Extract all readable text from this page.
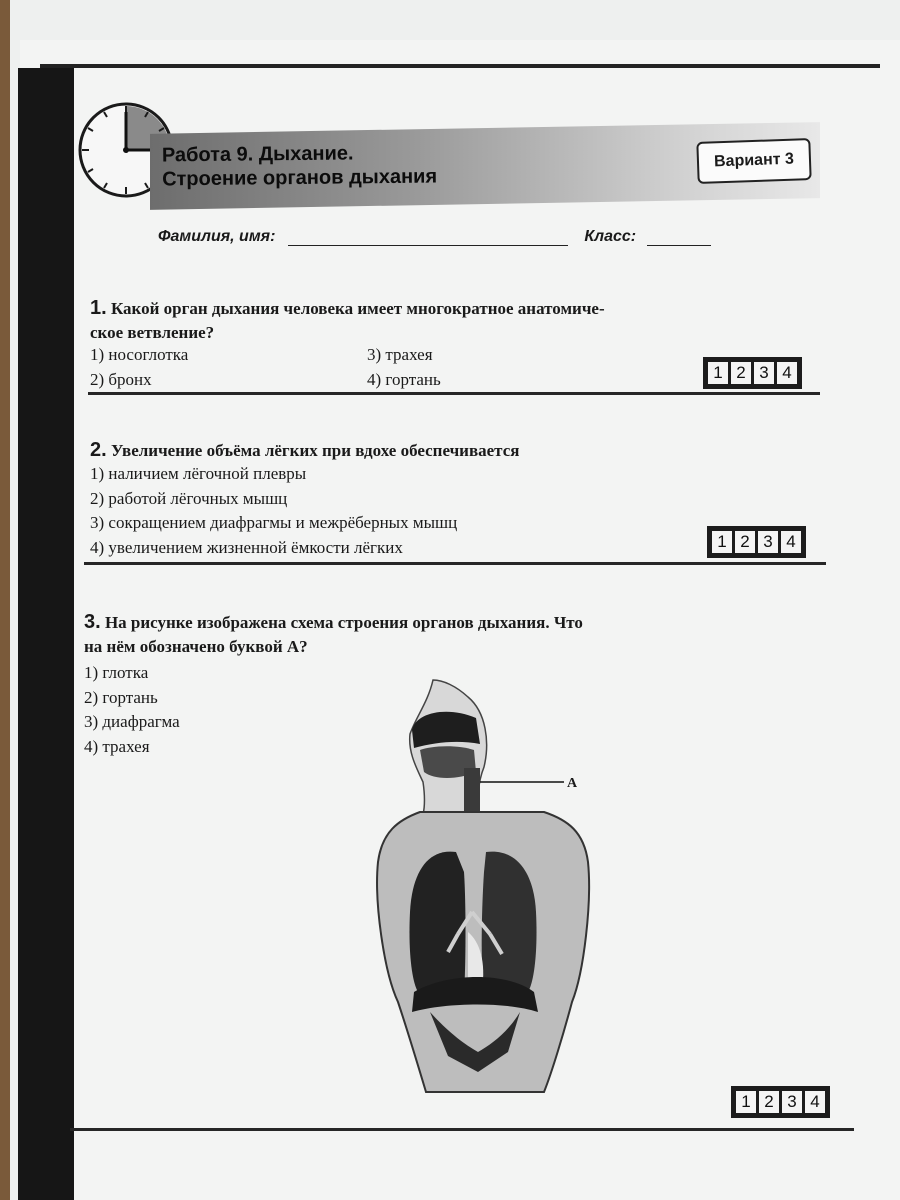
Работа 9. Дыхание.
Строение органов дыхания
Вариант 3
Фамилия, имя:	Класс:
1. Какой орган дыхания человека имеет многократное анатомиче-
ское ветвление?
1) носоглотка
2) бронх
3) трахея
4) гортань	1 2 3 4
2. Увеличение объёма лёгких при вдохе обеспечивается
1) наличием лёгочной плевры
2) работой лёгочных мышц
3) сокращением диафрагмы и межрёберных мышц
4) увеличением жизненной ёмкости лёгких	1 2 3 4
3. На рисунке изображена схема строения органов дыхания. Что
на нём обозначено буквой А?
1) глотка
2) гортань
3) диафрагма
4) трахея
А
1 2 3 4
